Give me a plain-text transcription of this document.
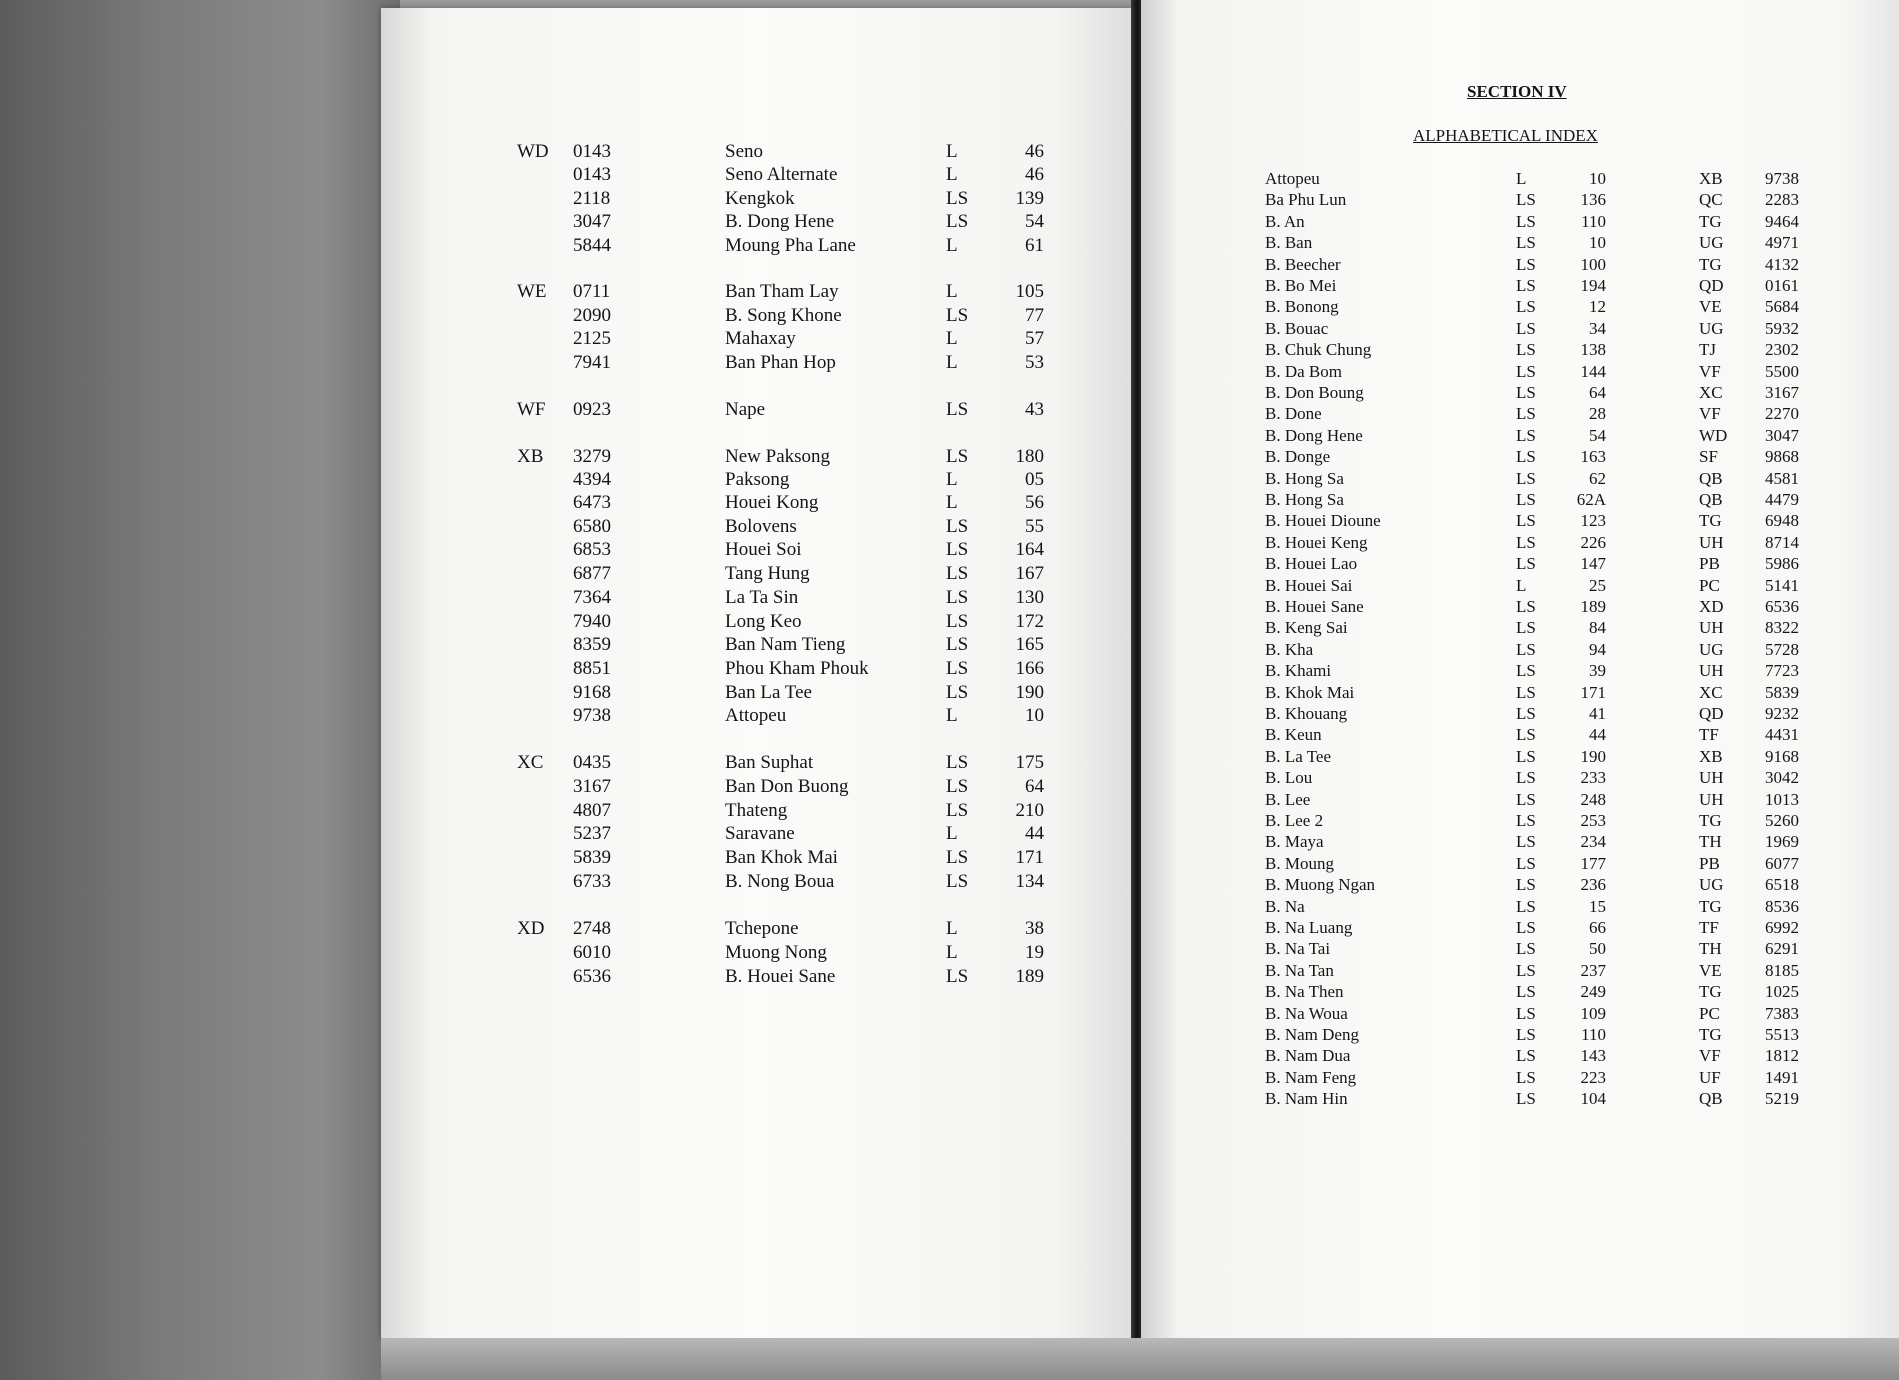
WD 0143	Seno	L	46
0143	Seno Alternate	L	46
2118	Kengkok	LS	139
3047	B. Dong Hene	LS	54
5844	Moung Pha Lane	L	61
WE 0711	Ban Tham Lay	L	105
2090	B. Song Khone	LS	77
2125	Mahaxay	L	57
7941	Ban Phan Hop	L	53
WF 0923	Nape	LS	43
XB 3279	New Paksong	LS	180
4394	Paksong	L	05
6473	Houei Kong	L	56
6580	Bolovens	LS	55
6853	Houei Soi	LS	164
6877	Tang Hung	LS	167
7364	La Ta Sin	LS	130
7940	Long Keo	LS	172
8359	Ban Nam Tieng	LS	165
8851	Phou Kham Phouk	LS	166
9168	Ban La Tee	LS	190
9738	Attopeu	L	10
XC 0435	Ban Suphat	LS	175
3167	Ban Don Buong	LS	64
4807	Thateng	LS	210
5237	Saravane	L	44
5839	Ban Khok Mai	LS	171
6733	B. Nong Boua	LS	134
XD 2748	Tchepone	L	38
6010	Muong Nong	L	19
6536	B. Houei Sane	LS	189
SECTION IV
ALPHABETICAL INDEX
Attopeu	L	10	XB	9738
Ba Phu Lun	LS	136	QC	2283
B. An	LS	110	TG	9464
B. Ban	LS	10	UG	4971
B. Beecher	LS	100	TG	4132
B. Bo Mei	LS	194	QD	0161
B. Bonong	LS	12	VE	5684
B. Bouac	LS	34	UG	5932
B. Chuk Chung	LS	138	TJ	2302
B. Da Bom	LS	144	VF	5500
B. Don Boung	LS	64	XC	3167
B. Done	LS	28	VF	2270
B. Dong Hene	LS	54	WD	3047
B. Donge	LS	163	SF	9868
B. Hong Sa	LS	62	QB	4581
B. Hong Sa	LS	62A	QB	4479
B. Houei Dioune	LS	123	TG	6948
B. Houei Keng	LS	226	UH	8714
B. Houei Lao	LS	147	PB	5986
B. Houei Sai	L	25	PC	5141
B. Houei Sane	LS	189	XD	6536
B. Keng Sai	LS	84	UH	8322
B. Kha	LS	94	UG	5728
B. Khami	LS	39	UH	7723
B. Khok Mai	LS	171	XC	5839
B. Khouang	LS	41	QD	9232
B. Keun	LS	44	TF	4431
B. La Tee	LS	190	XB	9168
B. Lou	LS	233	UH	3042
B. Lee	LS	248	UH	1013
B. Lee 2	LS	253	TG	5260
B. Maya	LS	234	TH	1969
B. Moung	LS	177	PB	6077
B. Muong Ngan	LS	236	UG	6518
B. Na	LS	15	TG	8536
B. Na Luang	LS	66	TF	6992
B. Na Tai	LS	50	TH	6291
B. Na Tan	LS	237	VE	8185
B. Na Then	LS	249	TG	1025
B. Na Woua	LS	109	PC	7383
B. Nam Deng	LS	110	TG	5513
B. Nam Dua	LS	143	VF	1812
B. Nam Feng	LS	223	UF	1491
B. Nam Hin	LS	104	QB	5219
